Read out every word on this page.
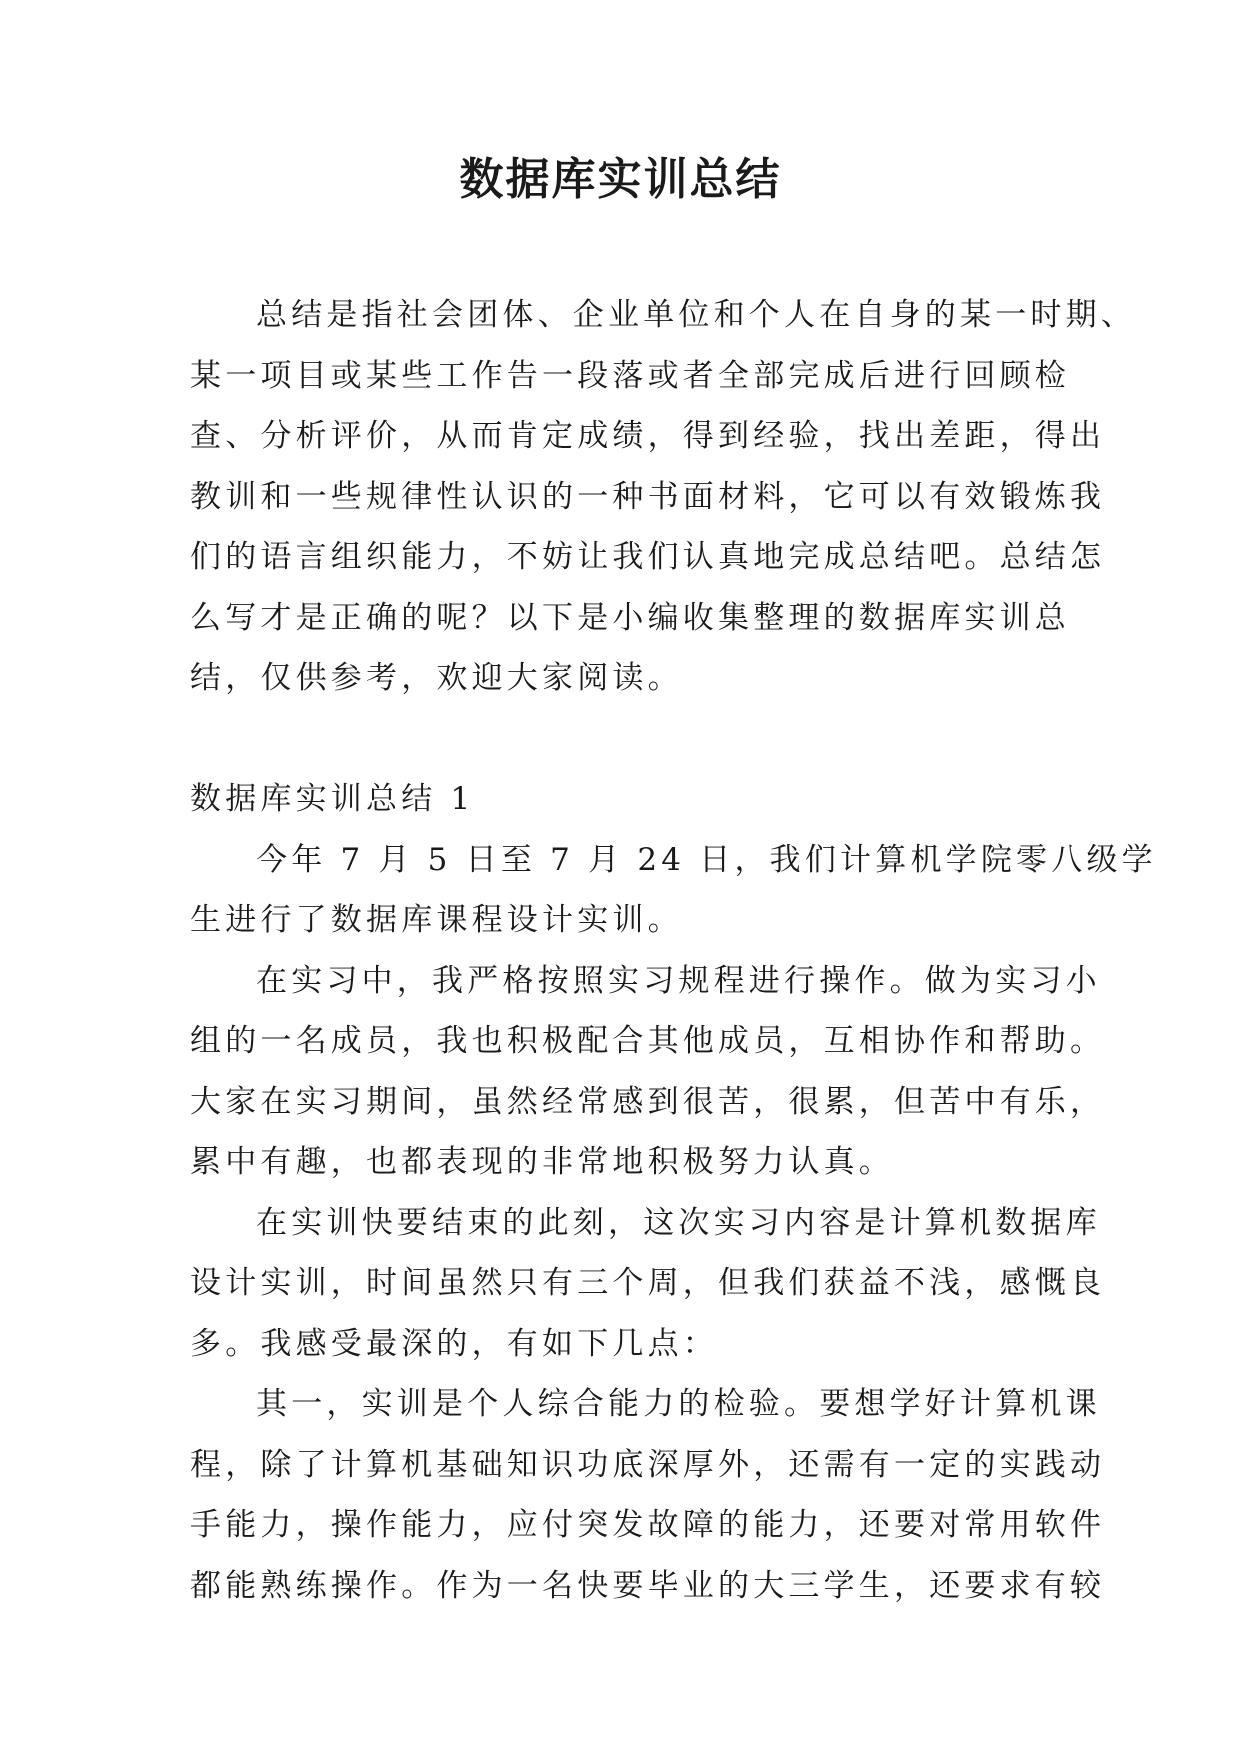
数据库实训总结
总结是指社会团体、企业单位和个人在自身的某一时期、
某一项目或某些工作告一段落或者全部完成后进行回顾检
查、分析评价，从而肯定成绩，得到经验，找出差距，得出
教训和一些规律性认识的一种书面材料，它可以有效锻炼我
们的语言组织能力，不妨让我们认真地完成总结吧。总结怎
么写才是正确的呢？以下是小编收集整理的数据库实训总
结，仅供参考，欢迎大家阅读。
数据库实训总结 1
今年 7 月 5 日至 7 月 24 日，我们计算机学院零八级学
生进行了数据库课程设计实训。
在实习中，我严格按照实习规程进行操作。做为实习小
组的一名成员，我也积极配合其他成员，互相协作和帮助。
大家在实习期间，虽然经常感到很苦，很累，但苦中有乐，
累中有趣，也都表现的非常地积极努力认真。
在实训快要结束的此刻，这次实习内容是计算机数据库
设计实训，时间虽然只有三个周，但我们获益不浅，感慨良
多。我感受最深的，有如下几点：
其一，实训是个人综合能力的检验。要想学好计算机课
程，除了计算机基础知识功底深厚外，还需有一定的实践动
手能力，操作能力，应付突发故障的能力，还要对常用软件
都能熟练操作。作为一名快要毕业的大三学生，还要求有较
